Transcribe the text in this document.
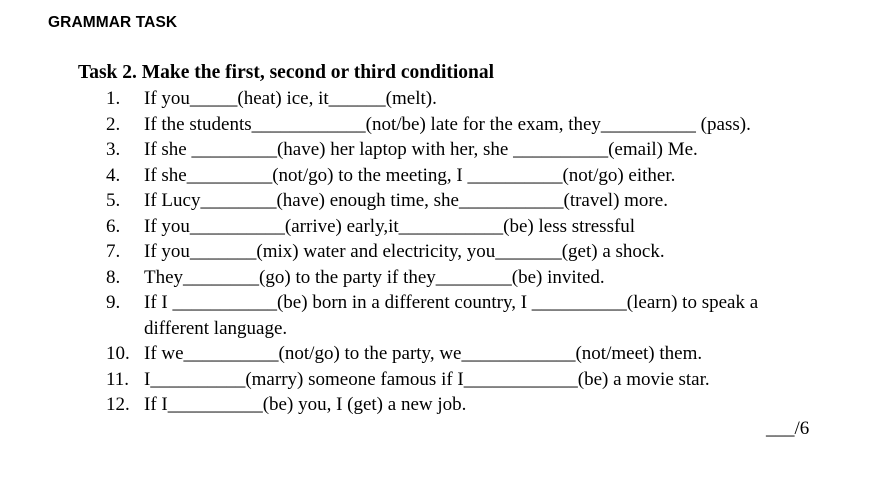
GRAMMAR TASK
Task 2. Make the first, second or third conditional
1.	If you_____(heat) ice, it______(melt).
2.	If the students____________(not/be) late for the exam, they__________ (pass).
3.	If she _________(have) her laptop with her, she __________(email) Me.
4.	If she_________(not/go) to the meeting, I __________(not/go) either.
5.	If Lucy________(have) enough time, she___________(travel) more.
6.	If you__________(arrive) early,it___________(be) less stressful
7.	If you_______(mix) water and electricity, you_______(get) a shock.
8.	They________(go) to the party if they________(be) invited.
9.	If I ___________(be) born in a different country, I __________(learn) to speak a
different language.
10. If we__________(not/go) to the party, we____________(not/meet) them.
11. I__________(marry) someone famous if I____________(be) a movie star.
12. If I__________(be) you, I (get) a new job.
___/6
